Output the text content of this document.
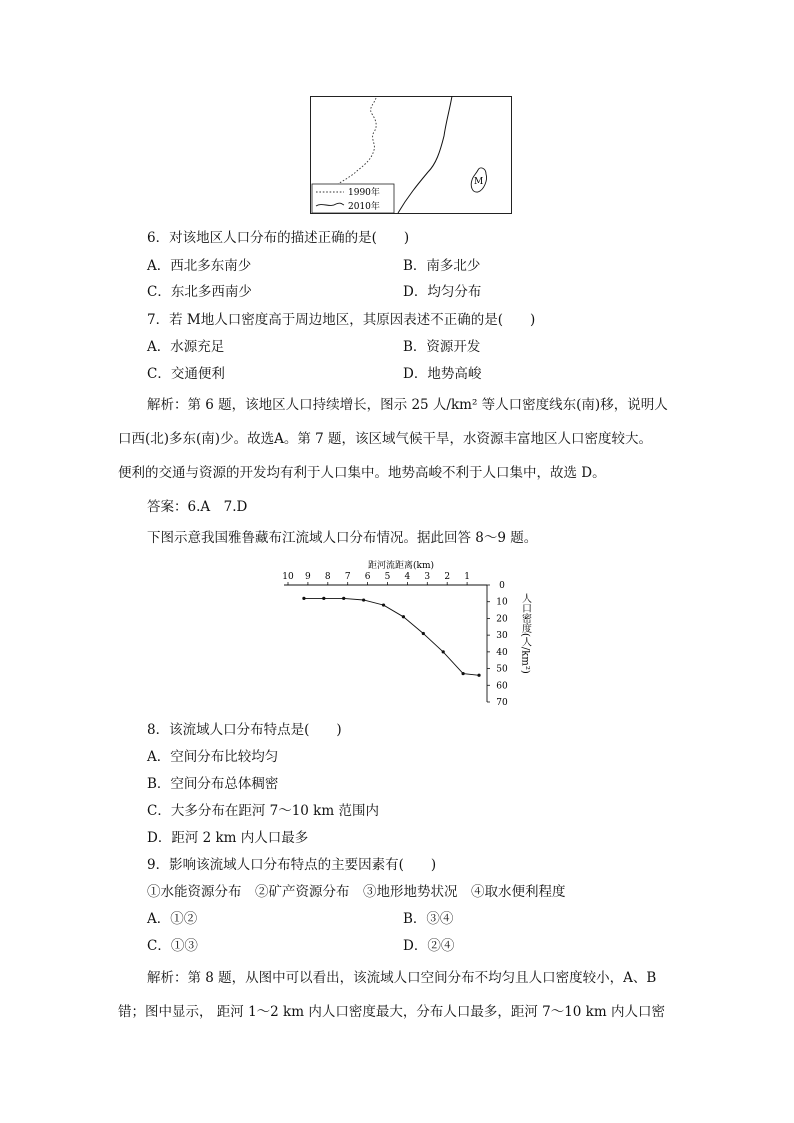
M
1990年
2010年
6．对该地区人口分布的描述正确的是(　　)
A．西北多东南少	B．南多北少
C．东北多西南少	D．均匀分布
7．若 M地人口密度高于周边地区，其原因表述不正确的是(　　)
A．水源充足	B．资源开发
C．交通便利	D．地势高峻
解析：第 6 题，该地区人口持续增长，图示 25 人/km² 等人口密度线东(南)移，说明人
口西(北)多东(南)少。故选A。第 7 题，该区域气候干旱，水资源丰富地区人口密度较大。
便利的交通与资源的开发均有利于人口集中。地势高峻不利于人口集中，故选 D。
答案：6.A　7.D
下图示意我国雅鲁藏布江流域人口分布情况。据此回答 8～9 题。
距河流距离(km)
10 9 8 7 6 5 4 3 2 1
0
10
20
30
40
50
60
70
人口密度(人/km²)
8．该流域人口分布特点是(　　)
A．空间分布比较均匀
B．空间分布总体稠密
C．大多分布在距河 7～10 km 范围内
D．距河 2 km 内人口最多
9．影响该流域人口分布特点的主要因素有(　　)
①水能资源分布　②矿产资源分布　③地形地势状况　④取水便利程度
A．①②	B．③④
C．①③	D．②④
解析：第 8 题，从图中可以看出，该流域人口空间分布不均匀且人口密度较小，A、B
错；图中显示， 距河 1～2 km 内人口密度最大，分布人口最多，距河 7～10 km 内人口密
